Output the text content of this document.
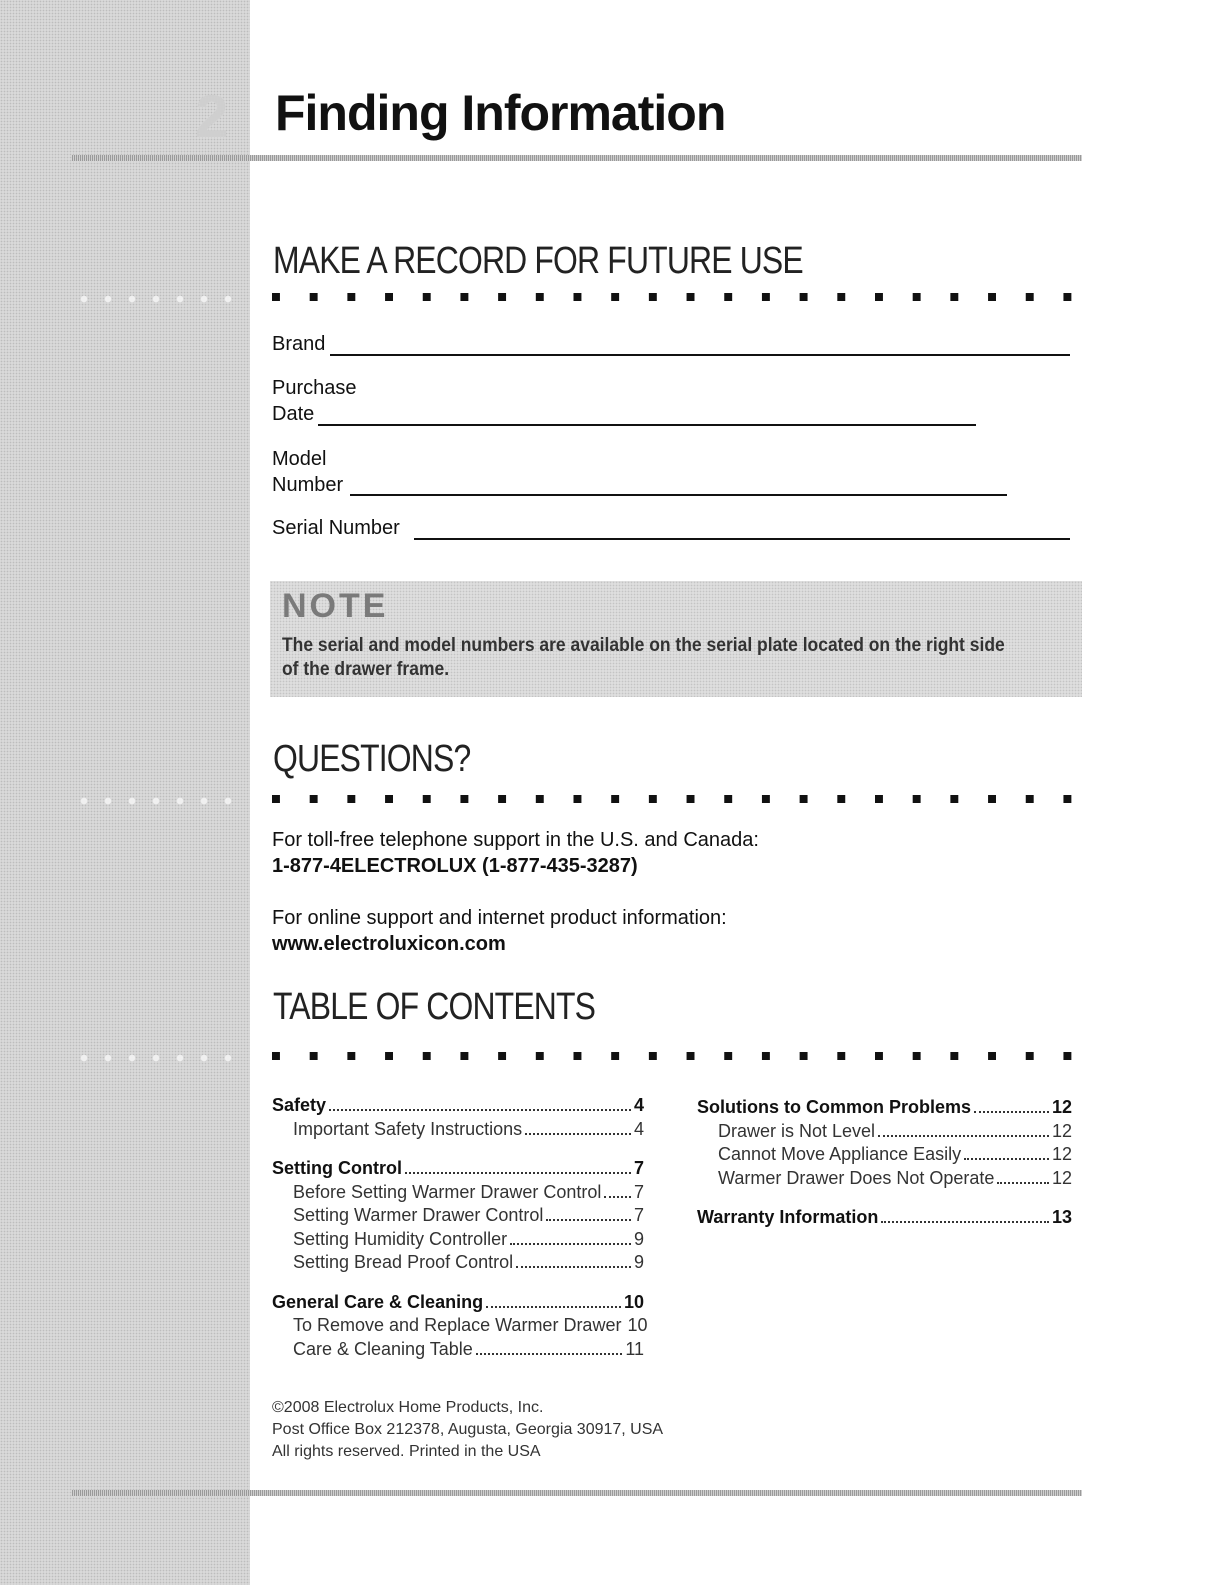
2 Finding Information
MAKE A RECORD FOR FUTURE USE
Brand
Purchase
Date
Model
Number
Serial Number
NOTE
The serial and model numbers are available on the serial plate located on the right side of the drawer frame.
QUESTIONS?
For toll-free telephone support in the U.S. and Canada:
1-877-4ELECTROLUX (1-877-435-3287)
For online support and internet product information:
www.electroluxicon.com
TABLE OF CONTENTS
Safety	4
Important Safety Instructions	4
Setting Control	7
Before Setting Warmer Drawer Control 7
Setting Warmer Drawer Control	7
Setting Humidity Controller	9
Setting Bread Proof Control	9
General Care & Cleaning	10
To Remove and Replace Warmer Drawer 10
Care & Cleaning Table	11
Solutions to Common Problems	12
Drawer is Not Level	12
Cannot Move Appliance Easily	12
Warmer Drawer Does Not Operate	12
Warranty Information	13
©2008 Electrolux Home Products, Inc.
Post Office Box 212378, Augusta, Georgia 30917, USA
All rights reserved. Printed in the USA
